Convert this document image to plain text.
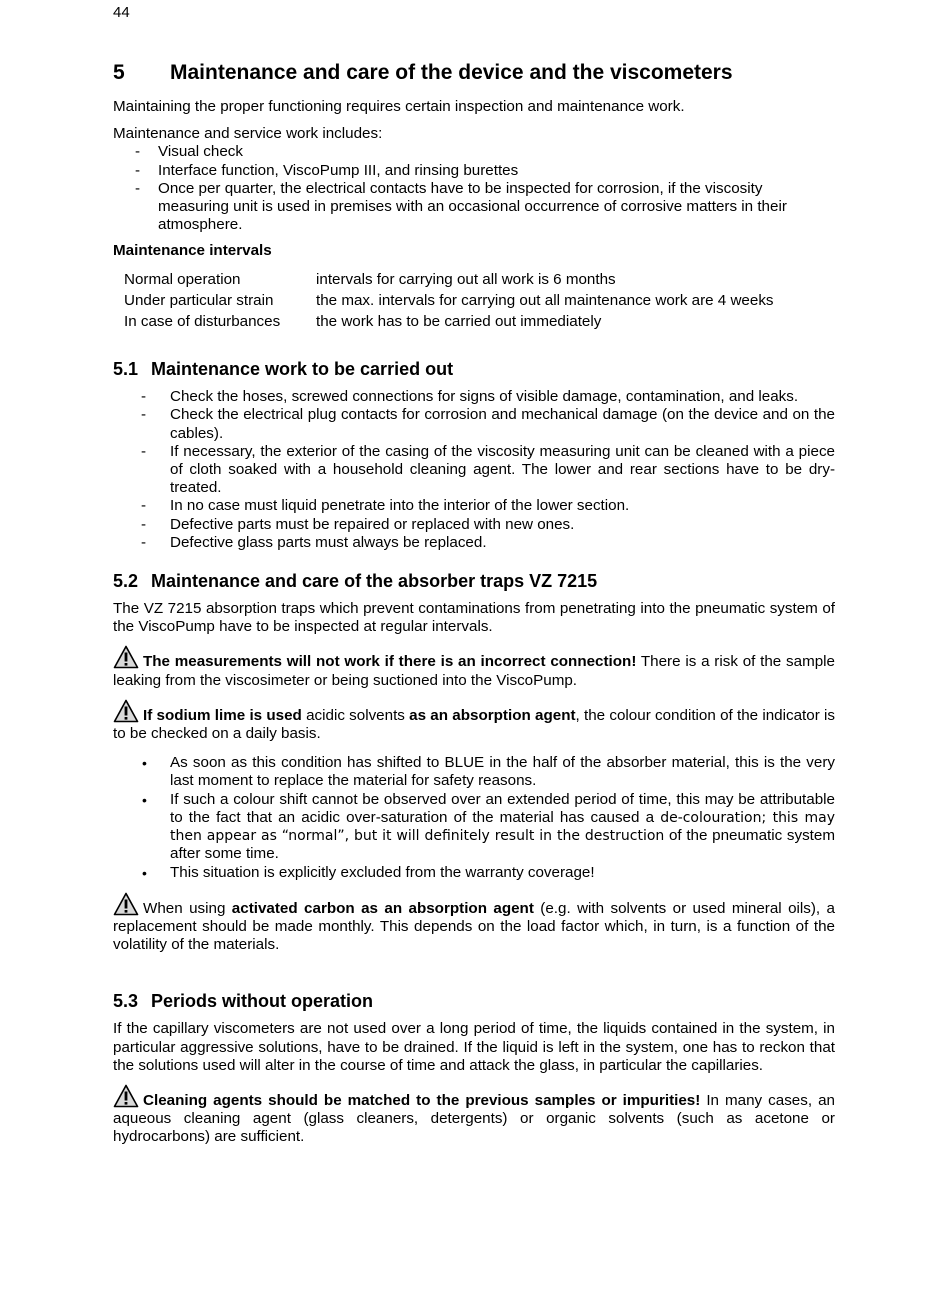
44
5	Maintenance and care of the device and the viscometers

Maintaining the proper functioning requires certain inspection and maintenance work.

Maintenance and service work includes:
- Visual check
- Interface function, ViscoPump III, and rinsing burettes
- Once per quarter, the electrical contacts have to be inspected for corrosion, if the viscosity measuring unit is used in premises with an occasional occurrence of corrosive matters in their atmosphere.

Maintenance intervals

Normal operation	intervals for carrying out all work is 6 months
Under particular strain	the max. intervals for carrying out all maintenance work are 4 weeks
In case of disturbances	the work has to be carried out immediately
5.1 Maintenance work to be carried out
- Check the hoses, screwed connections for signs of visible damage, contamination, and leaks.
- Check the electrical plug contacts for corrosion and mechanical damage (on the device and on the cables).
- If necessary, the exterior of the casing of the viscosity measuring unit can be cleaned with a piece of cloth soaked with a household cleaning agent. The lower and rear sections have to be dry-treated.
- In no case must liquid penetrate into the interior of the lower section.
- Defective parts must be repaired or replaced with new ones.
- Defective glass parts must always be replaced.
5.2 Maintenance and care of the absorber traps VZ 7215

The VZ 7215 absorption traps which prevent contaminations from penetrating into the pneumatic system of the ViscoPump have to be inspected at regular intervals.

The measurements will not work if there is an incorrect connection! There is a risk of the sample leaking from the viscosimeter or being suctioned into the ViscoPump.

If sodium lime is used acidic solvents as an absorption agent, the colour condition of the indicator is to be checked on a daily basis.

• As soon as this condition has shifted to BLUE in the half of the absorber material, this is the very last moment to replace the material for safety reasons.
• If such a colour shift cannot be observed over an extended period of time, this may be attributable to the fact that an acidic over-saturation of the material has caused a de-colouration; this may then appear as “normal”, but it will definitely result in the destruction of the pneumatic system after some time.
• This situation is explicitly excluded from the warranty coverage!

When using activated carbon as an absorption agent (e.g. with solvents or used mineral oils), a replacement should be made monthly. This depends on the load factor which, in turn, is a function of the volatility of the materials.

5.3 Periods without operation

If the capillary viscometers are not used over a long period of time, the liquids contained in the system, in particular aggressive solutions, have to be drained. If the liquid is left in the system, one has to reckon that the solutions used will alter in the course of time and attack the glass, in particular the capillaries.

Cleaning agents should be matched to the previous samples or impurities! In many cases, an aqueous cleaning agent (glass cleaners, detergents) or organic solvents (such as acetone or hydrocarbons) are sufficient.
